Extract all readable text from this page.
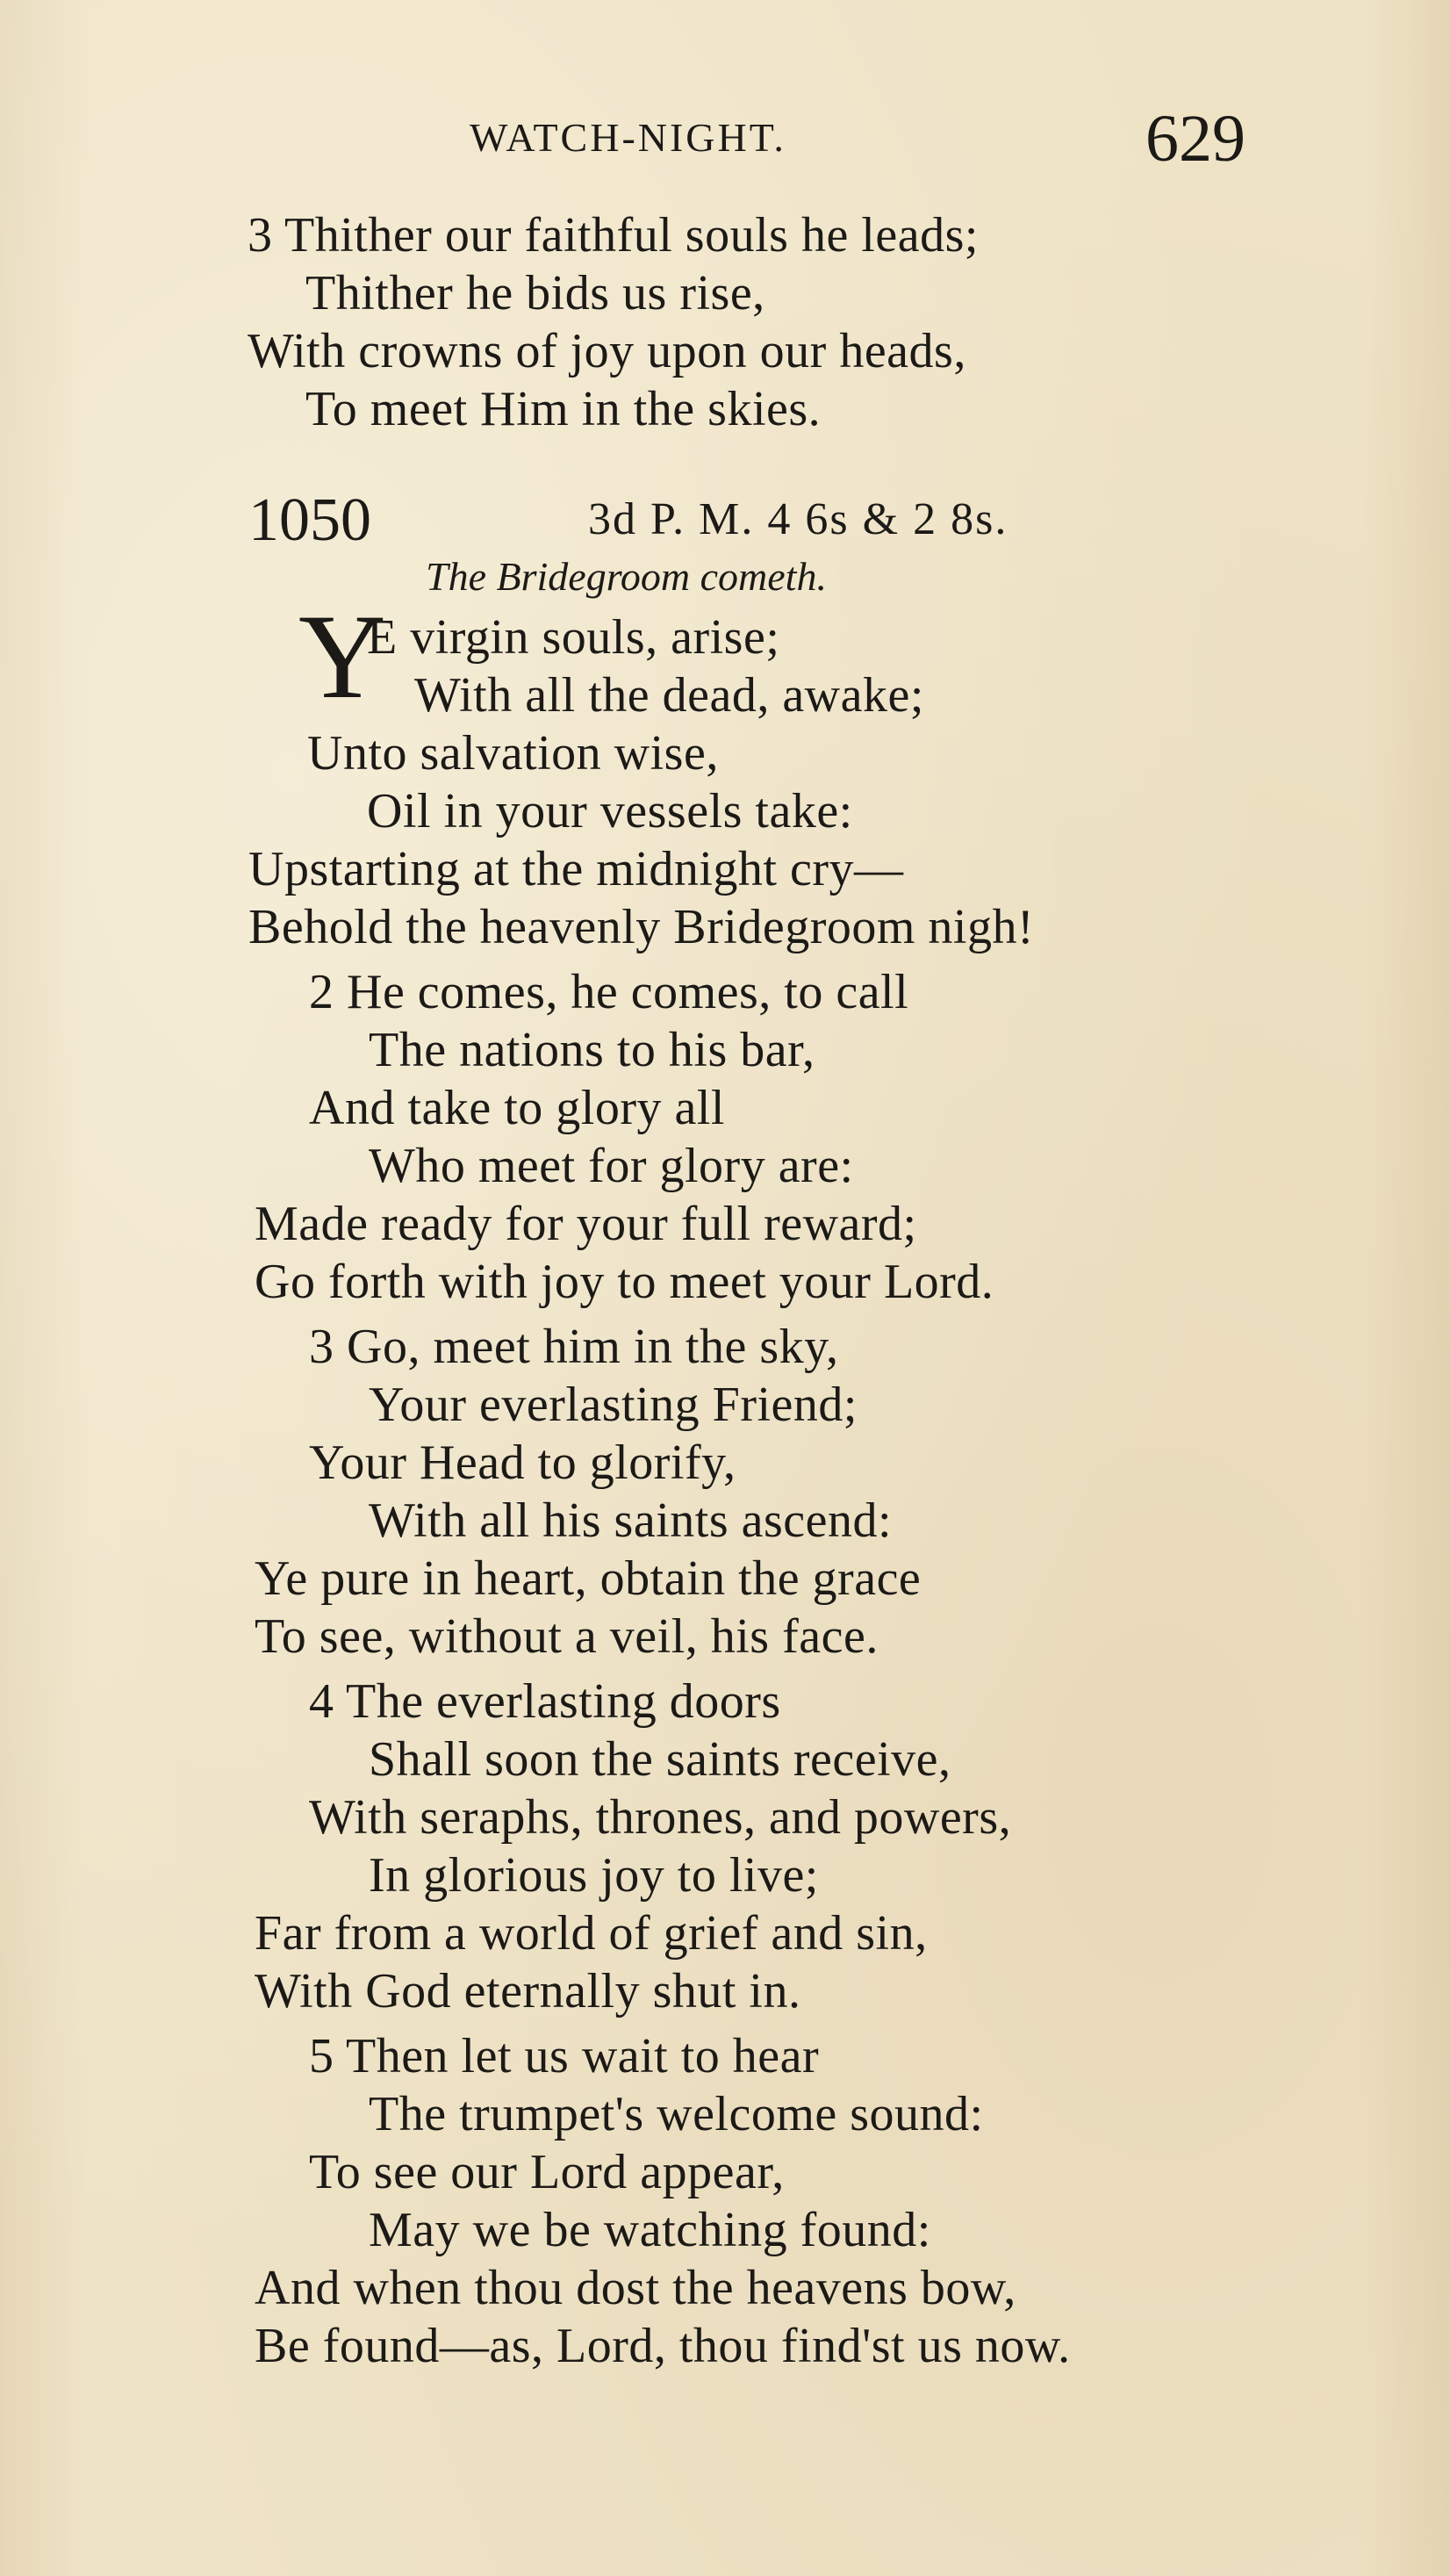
WATCH-NIGHT.	629
3 Thither our faithful souls he leads;
Thither he bids us rise,
With crowns of joy upon our heads,
To meet Him in the skies.
1050	3d P. M. 4 6s & 2 8s.
The Bridegroom cometh.
Y
E virgin souls, arise;
With all the dead, awake;
Unto salvation wise,
Oil in your vessels take:
Upstarting at the midnight cry—
Behold the heavenly Bridegroom nigh!
2 He comes, he comes, to call
The nations to his bar,
And take to glory all
Who meet for glory are:
Made ready for your full reward;
Go forth with joy to meet your Lord.
3 Go, meet him in the sky,
Your everlasting Friend;
Your Head to glorify,
With all his saints ascend:
Ye pure in heart, obtain the grace
To see, without a veil, his face.
4 The everlasting doors
Shall soon the saints receive,
With seraphs, thrones, and powers,
In glorious joy to live;
Far from a world of grief and sin,
With God eternally shut in.
5 Then let us wait to hear
The trumpet's welcome sound:
To see our Lord appear,
May we be watching found:
And when thou dost the heavens bow,
Be found—as, Lord, thou find'st us now.
